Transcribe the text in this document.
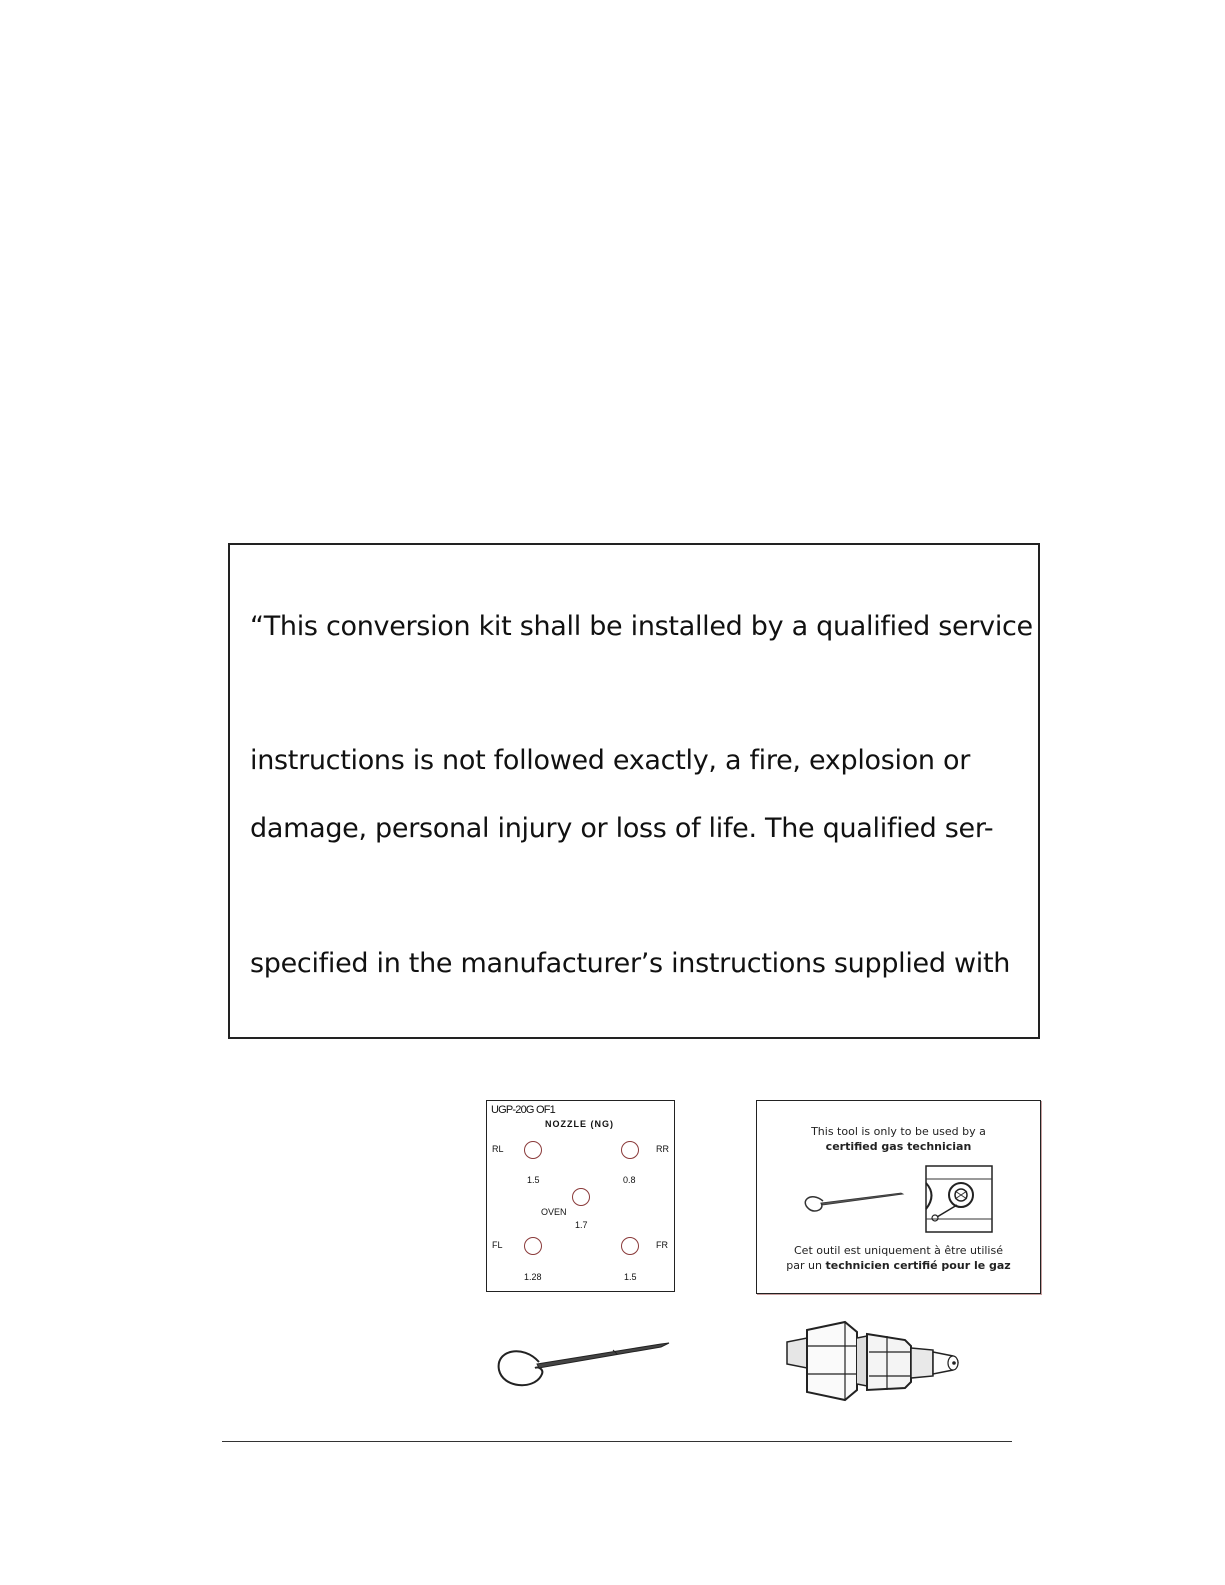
“This conversion kit shall be installed by a qualified service
instructions is not followed exactly, a fire, explosion or
damage, personal injury or loss of life. The qualified ser-
specified in the manufacturer’s instructions supplied with
UGP-20G OF1
NOZZLE (NG)
RL
1.5
RR
0.8
OVEN
1.7
FL
1.28
FR
1.5
This tool is only to be used by a
certified gas technician
Cet outil est uniquement à être utilisé
par un technicien certifié pour le gaz
